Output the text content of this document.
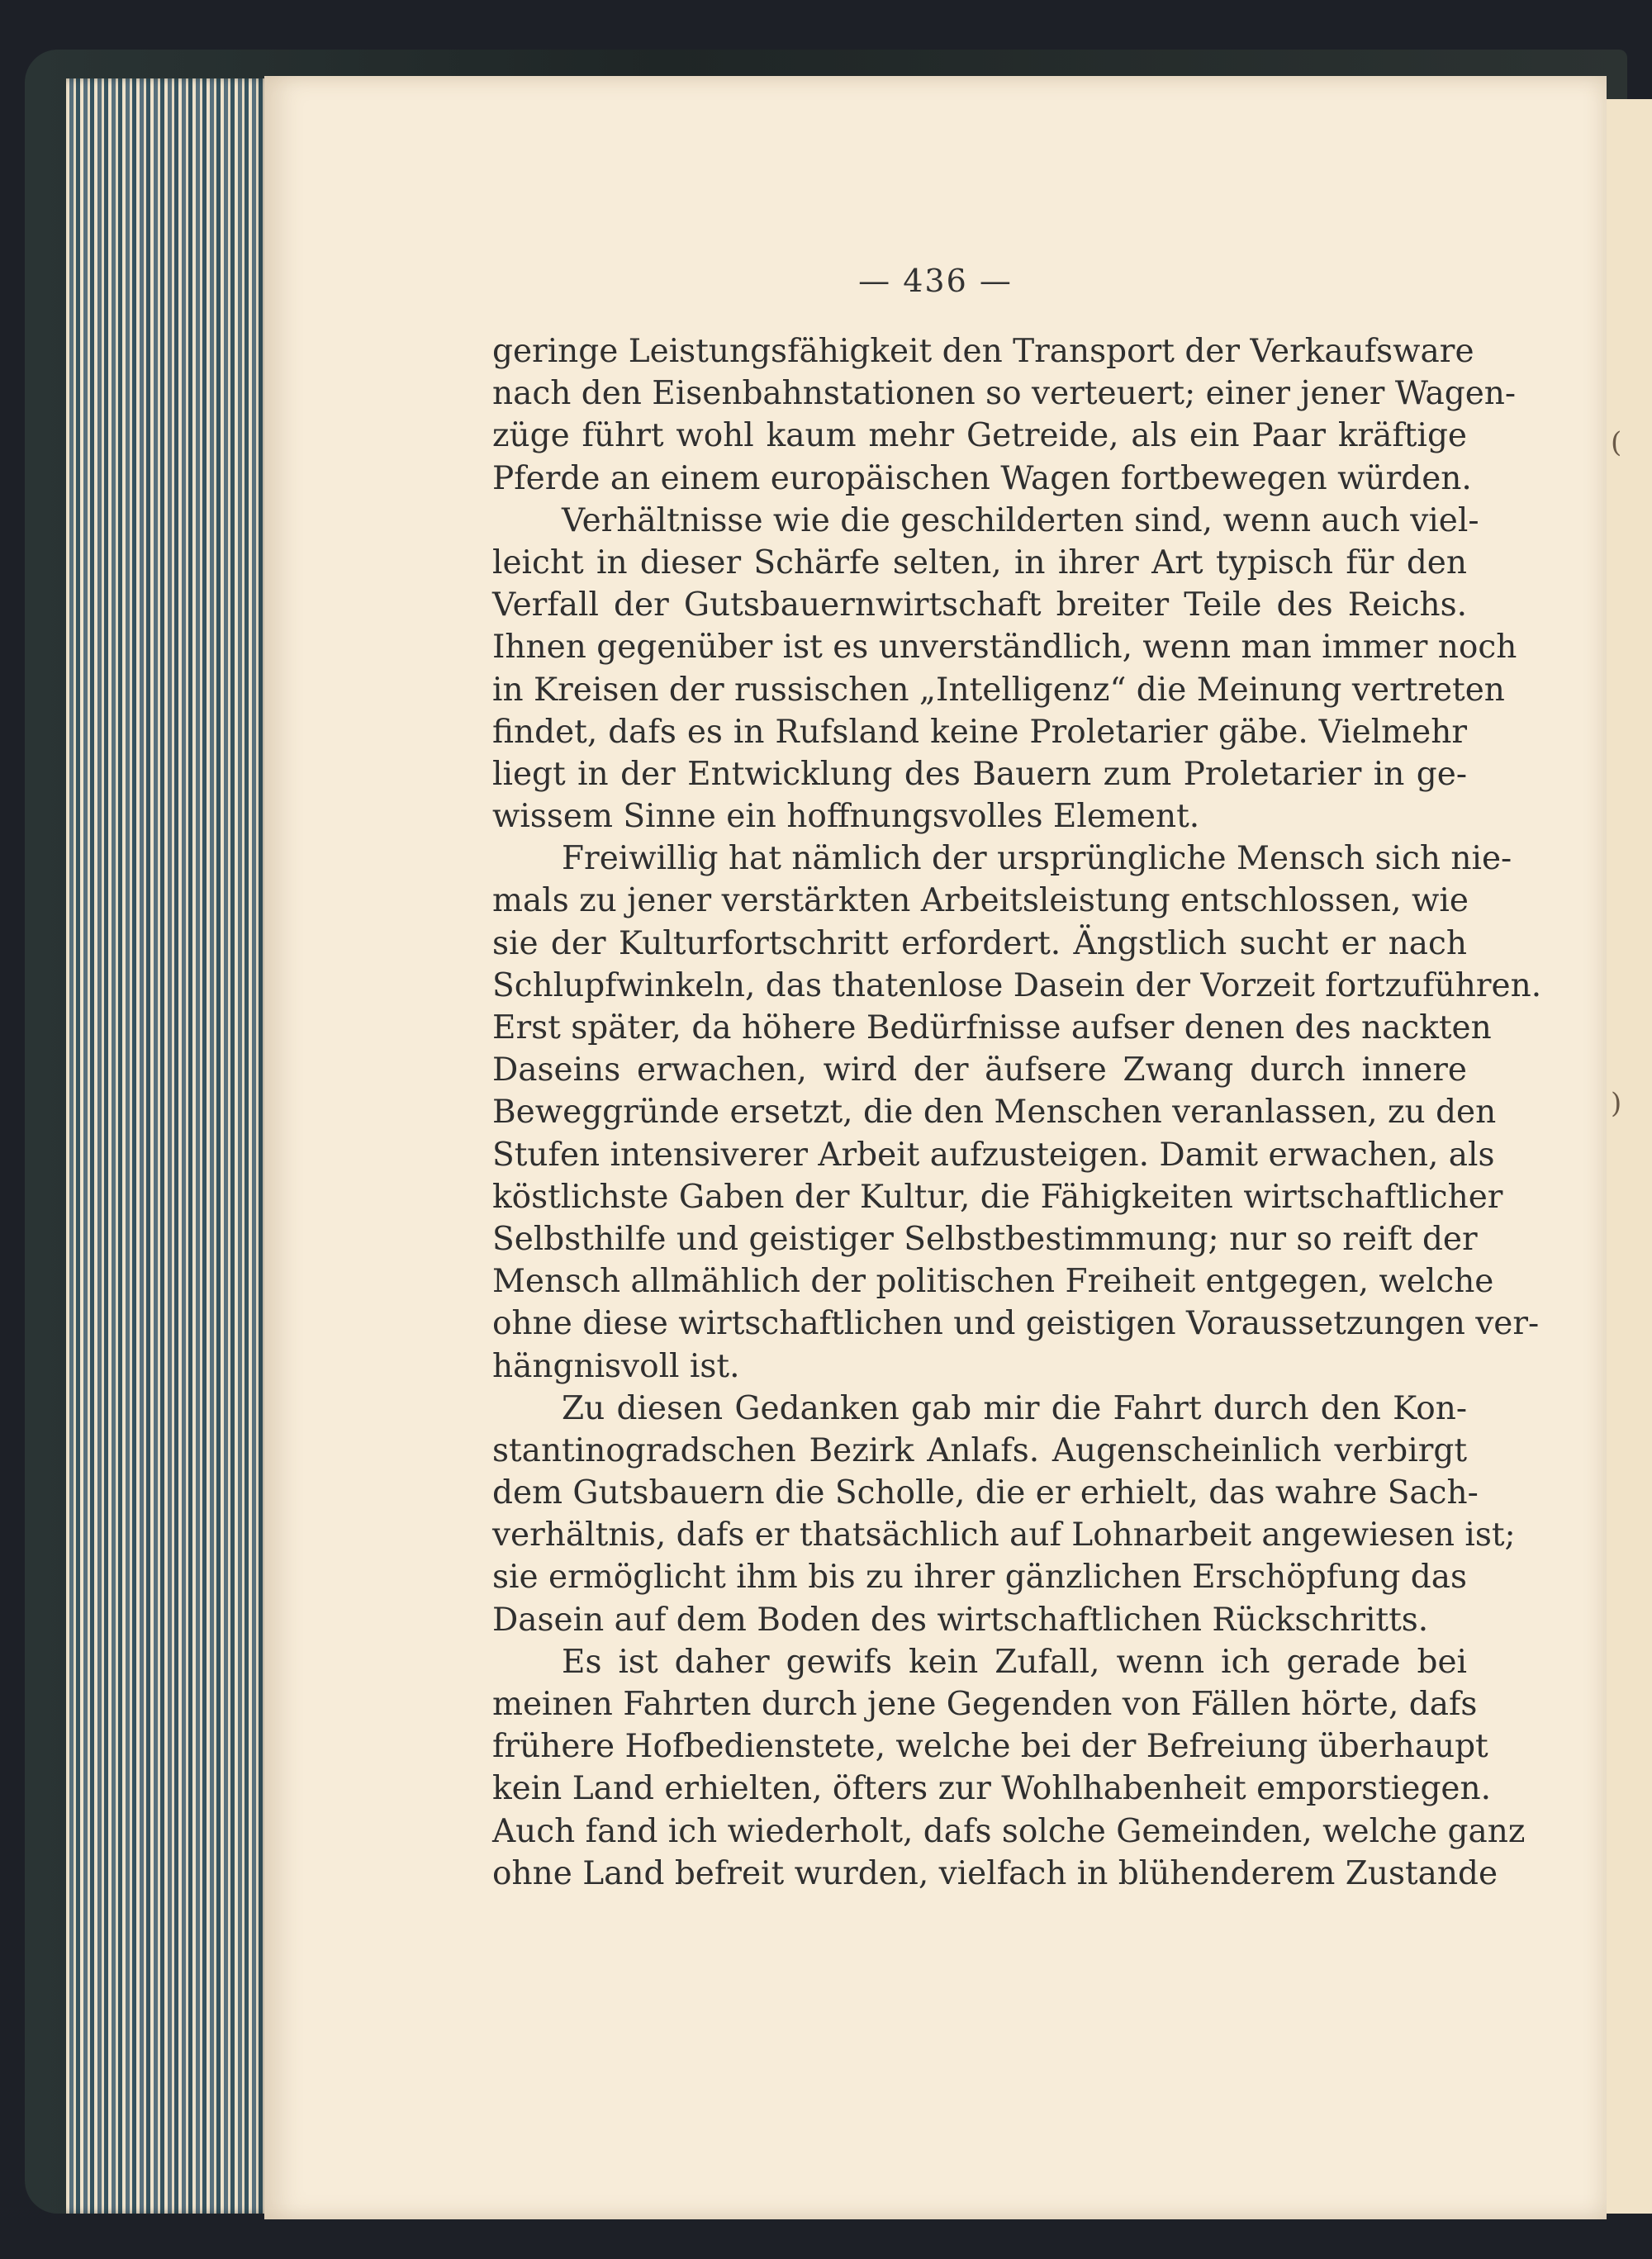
(

)
— 436 —
geringe Leistungsfähigkeit den Transport der Verkaufsware
nach den Eisenbahnstationen so verteuert; einer jener Wagen-
züge führt wohl kaum mehr Getreide, als ein Paar kräftige
Pferde an einem europäischen Wagen fortbewegen würden.
Verhältnisse wie die geschilderten sind, wenn auch viel-
leicht in dieser Schärfe selten, in ihrer Art typisch für den
Verfall der Gutsbauernwirtschaft breiter Teile des Reichs.
Ihnen gegenüber ist es unverständlich, wenn man immer noch
in Kreisen der russischen „Intelligenz“ die Meinung vertreten
findet, dafs es in Rufsland keine Proletarier gäbe. Vielmehr
liegt in der Entwicklung des Bauern zum Proletarier in ge-
wissem Sinne ein hoffnungsvolles Element.
Freiwillig hat nämlich der ursprüngliche Mensch sich nie-
mals zu jener verstärkten Arbeitsleistung entschlossen, wie
sie der Kulturfortschritt erfordert. Ängstlich sucht er nach
Schlupfwinkeln, das thatenlose Dasein der Vorzeit fortzuführen.
Erst später, da höhere Bedürfnisse aufser denen des nackten
Daseins erwachen, wird der äufsere Zwang durch innere
Beweggründe ersetzt, die den Menschen veranlassen, zu den
Stufen intensiverer Arbeit aufzusteigen. Damit erwachen, als
köstlichste Gaben der Kultur, die Fähigkeiten wirtschaftlicher
Selbsthilfe und geistiger Selbstbestimmung; nur so reift der
Mensch allmählich der politischen Freiheit entgegen, welche
ohne diese wirtschaftlichen und geistigen Voraussetzungen ver-
hängnisvoll ist.
Zu diesen Gedanken gab mir die Fahrt durch den Kon-
stantinogradschen Bezirk Anlafs. Augenscheinlich verbirgt
dem Gutsbauern die Scholle, die er erhielt, das wahre Sach-
verhältnis, dafs er thatsächlich auf Lohnarbeit angewiesen ist;
sie ermöglicht ihm bis zu ihrer gänzlichen Erschöpfung das
Dasein auf dem Boden des wirtschaftlichen Rückschritts.
Es ist daher gewifs kein Zufall, wenn ich gerade bei
meinen Fahrten durch jene Gegenden von Fällen hörte, dafs
frühere Hofbedienstete, welche bei der Befreiung überhaupt
kein Land erhielten, öfters zur Wohlhabenheit emporstiegen.
Auch fand ich wiederholt, dafs solche Gemeinden, welche ganz
ohne Land befreit wurden, vielfach in blühenderem Zustande
